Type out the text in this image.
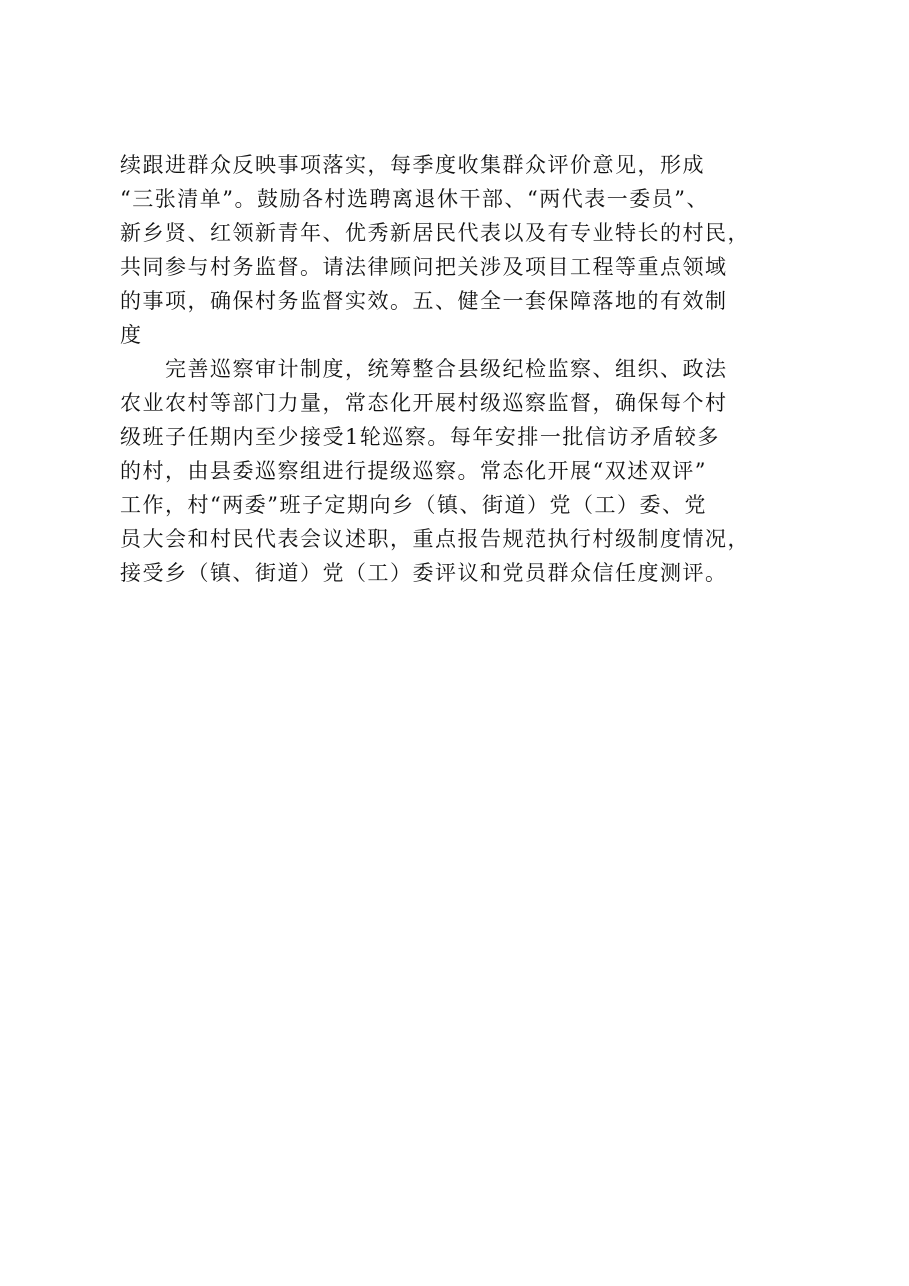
续跟进群众反映事项落实，每季度收集群众评价意见，形成
“三张清单”。鼓励各村选聘离退休干部、“两代表一委员”、
新乡贤、红领新青年、优秀新居民代表以及有专业特长的村民，
共同参与村务监督。请法律顾问把关涉及项目工程等重点领域
的事项，确保村务监督实效。五、健全一套保障落地的有效制
度
　　完善巡察审计制度，统筹整合县级纪检监察、组织、政法
农业农村等部门力量，常态化开展村级巡察监督，确保每个村
级班子任期内至少接受1轮巡察。每年安排一批信访矛盾较多
的村，由县委巡察组进行提级巡察。常态化开展“双述双评”
工作，村“两委”班子定期向乡（镇、街道）党（工）委、党
员大会和村民代表会议述职，重点报告规范执行村级制度情况，
接受乡（镇、街道）党（工）委评议和党员群众信任度测评。
